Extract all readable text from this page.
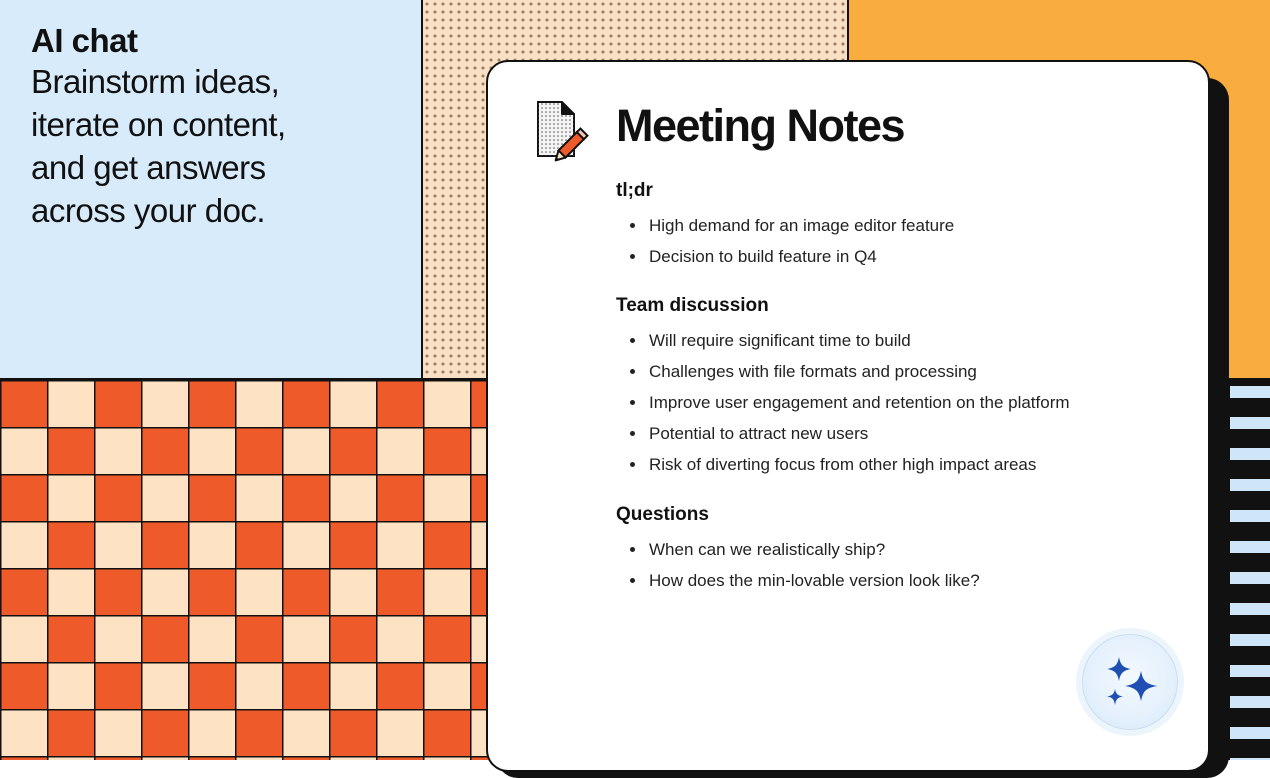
AI chat
Brainstorm ideas,
iterate on content,
and get answers
across your doc.
Meeting Notes
tl;dr
• High demand for an image editor feature
• Decision to build feature in Q4
Team discussion
• Will require significant time to build
• Challenges with file formats and processing
• Improve user engagement and retention on the platform
• Potential to attract new users
• Risk of diverting focus from other high impact areas
Questions
• When can we realistically ship?
• How does the min-lovable version look like?
